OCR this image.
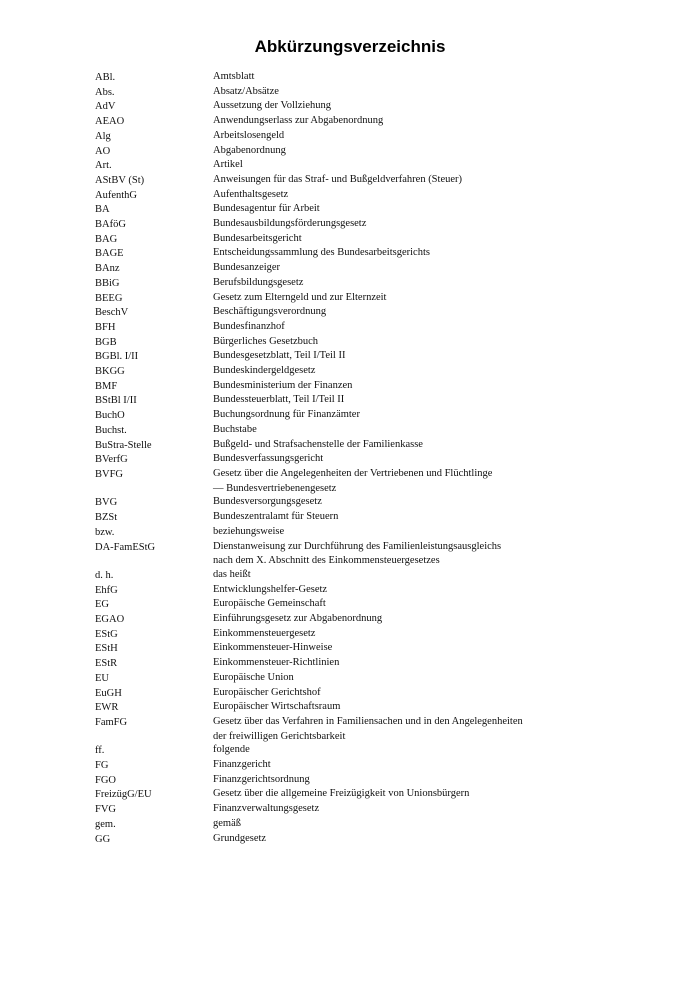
Abkürzungsverzeichnis
ABl.	Amtsblatt
Abs.	Absatz/Absätze
AdV	Aussetzung der Vollziehung
AEAO	Anwendungserlass zur Abgabenordnung
Alg	Arbeitslosengeld
AO	Abgabenordnung
Art.	Artikel
AStBV (St)	Anweisungen für das Straf- und Bußgeldverfahren (Steuer)
AufenthG	Aufenthaltsgesetz
BA	Bundesagentur für Arbeit
BAföG	Bundesausbildungsförderungsgesetz
BAG	Bundesarbeitsgericht
BAGE	Entscheidungssammlung des Bundesarbeitsgerichts
BAnz	Bundesanzeiger
BBiG	Berufsbildungsgesetz
BEEG	Gesetz zum Elterngeld und zur Elternzeit
BeschV	Beschäftigungsverordnung
BFH	Bundesfinanzhof
BGB	Bürgerliches Gesetzbuch
BGBl. I/II	Bundesgesetzblatt, Teil I/Teil II
BKGG	Bundeskindergeldgesetz
BMF	Bundesministerium der Finanzen
BStBl I/II	Bundessteuerblatt, Teil I/Teil II
BuchO	Buchungsordnung für Finanzämter
Buchst.	Buchstabe
BuStra-Stelle	Bußgeld- und Strafsachenstelle der Familienkasse
BVerfG	Bundesverfassungsgericht
BVFG	Gesetz über die Angelegenheiten der Vertriebenen und Flüchtlinge
— Bundesvertriebenengesetz
BVG	Bundesversorgungsgesetz
BZSt	Bundeszentralamt für Steuern
bzw.	beziehungsweise
DA-FamEStG	Dienstanweisung zur Durchführung des Familienleistungsausgleichs
nach dem X. Abschnitt des Einkommensteuergesetzes
d. h.	das heißt
EhfG	Entwicklungshelfer-Gesetz
EG	Europäische Gemeinschaft
EGAO	Einführungsgesetz zur Abgabenordnung
EStG	Einkommensteuergesetz
EStH	Einkommensteuer-Hinweise
EStR	Einkommensteuer-Richtlinien
EU	Europäische Union
EuGH	Europäischer Gerichtshof
EWR	Europäischer Wirtschaftsraum
FamFG	Gesetz über das Verfahren in Familiensachen und in den Angelegenheiten
der freiwilligen Gerichtsbarkeit
ff.	folgende
FG	Finanzgericht
FGO	Finanzgerichtsordnung
FreizügG/EU	Gesetz über die allgemeine Freizügigkeit von Unionsbürgern
FVG	Finanzverwaltungsgesetz
gem.	gemäß
GG	Grundgesetz
